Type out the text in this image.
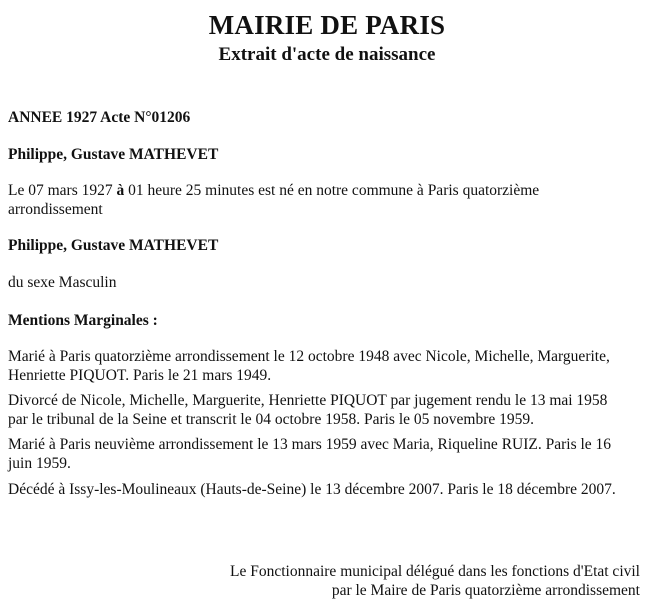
MAIRIE DE PARIS
Extrait d'acte de naissance
ANNEE 1927 Acte N°01206
Philippe, Gustave MATHEVET
Le 07 mars 1927 à 01 heure 25 minutes est né en notre commune à Paris quatorzième
arrondissement
Philippe, Gustave MATHEVET
du sexe Masculin
Mentions Marginales :
Marié à Paris quatorzième arrondissement le 12 octobre 1948 avec Nicole, Michelle, Marguerite,
Henriette PIQUOT. Paris le 21 mars 1949.
Divorcé de Nicole, Michelle, Marguerite, Henriette PIQUOT par jugement rendu le 13 mai 1958
par le tribunal de la Seine et transcrit le 04 octobre 1958. Paris le 05 novembre 1959.
Marié à Paris neuvième arrondissement le 13 mars 1959 avec Maria, Riqueline RUIZ. Paris le 16
juin 1959.
Décédé à Issy-les-Moulineaux (Hauts-de-Seine) le 13 décembre 2007. Paris le 18 décembre 2007.
Le Fonctionnaire municipal délégué dans les fonctions d'Etat civil
par le Maire de Paris quatorzième arrondissement
